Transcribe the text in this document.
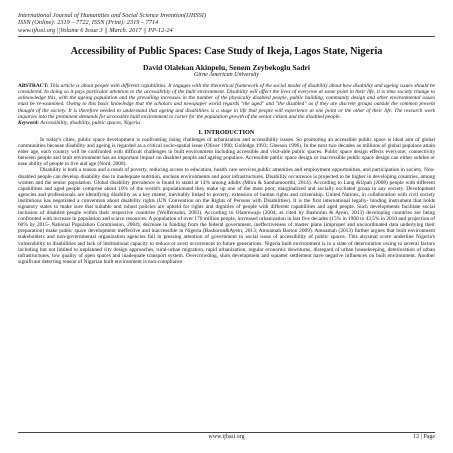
International Journal of Humanities and Social Science Invention(IJHSSI)
ISSN (Online): 2319 – 7722, ISSN (Print): 2319 – 7714
www.ijhssi.org ||Volume 6 Issue 3 || March. 2017 || PP-12-24
Accessibility of Public Spaces: Case Study of Ikeja, Lagos State, Nigeria
David Olalekan Akinpelu, Senem Zeybekoglu Sadri
Girne American University
ABSTRACT: This article is about people with different capabilities. It engages with the theoretical framework of the social model of disability about how disability and ageing issues should be considered. In doing so it pays particular attention to the accessibility of the built environment. Disability will affect the lives of everyone at some point in their life, it is time society change to acknowledge this, with the ageing population and the prevailing increases in the number of the physically disabled people, public building, community design and other environmental issues must be re-examined. Owing to this basic knowledge that the scholars and newspaper world regards "the aged" and "the disabled" as if they are discrete groups outside the common present thought of the society. It is therefore needed to understand that ageing and disabilities is a stage in life that people will experience at one point or the other of their life. The research work inquiries into the prominent demands for accessible built environment to carter for the population growth of the senior citizen and the disabled people.
Keyword: Accessibility, disability, public spaces, Nigeria
I. INTRODUCTION

In today's cities, public space development is confronting rising challenges of urbanization and accessibility issues. So promoting an accessible public space is ideal aim of global communities because disability and ageing is regarded as a critical socio-spatial issue (Oliver 1990; Golledge 1993; Gleeson 1996). In the next two decades as millions of global populace attain elder age, each country will be confronted with difficult challenges in built environment including accessible and visit-able public spaces. Public space design effects everyone; connectivity between people and built environment has an important impact on disabled people and ageing populace. Accessible public space design or inaccessible public space design can either subdue or ease ability of people to live and age (Nord, 2008).

Disability is both a reason and a result of poverty, reducing access to education, health care services,public amenities and employment opportunities, and participation in society. Non-disabled people can develop disability due to inadequate nutrition, unclean environments and poor infrastructures. Disability occurrence is projected to be higher in developing countries, among women and the senior population. Global disability prevalence is found to stand at 14% among adults (Mitra & Sambamoorthi, 2014). According to Lang &Upah (2008) people with different capabilities and aged people comprise about 10% of the world's populationand they make up one of the most poor, marginalized and socially excluded group in any society. Development agencies and professionals are identifying disability as a key matter, inevitably linked to poverty, extension of human rights and citizenship. United Nations, in collaboration with civil society institutions has negotiated a convention about disability rights (UN Convention on the Rights of Persons with Disabilities). It is the first international legally- binding instrument that holds signatory states to make sure that suitable and robust policies are upheld for rights and dignities of people with different capabilities and aged people. Such developments facilitate social inclusion of disabled people within their respective countries (Wolfensohn, 2003). According to Olanrewaju (2004, as cited by Bashorun & Ayeni, 2013) developing countries are being confronted with increase in population and scarce resources. A population of over 170 million people, increased urbanization in last five decades (15% in 1960 to 43.5% in 2010 and projection of 60% by 2015- National Population Commission, 2004), decrease in funding from the federal government, ineffectiveness of master plans (improper and uncoordinated data underlying their preparation) make public space development ineffective and inaccessible in Nigeria (Bashorun&Ayeni, 2013; Amoamah Barton 2009). Amoamah (2013) further argues that built environment stakeholders and non-governmental organization agencies fail in pressing attention of government to social issue of accessibility of public spaces. This abysmal score underline Nigeria's vulnerability to disabilities and lack of institutional capacity to reduce or avert occurrences to future generations. Nigeria built environment is in a state of deterioration owing to several factors including but not limited to unplanned city design approaches, rural-urban migration, rapid urbanization, regular economic downturns, disregard of urban housekeeping, deterioration of urban infrastructures, low quality of open spaces and inadequate transport system. Overcrowding, slum development and squatter settlement have negative influences on built environment. Another significant deterring reason of Nigerian built environment is non-compliance

www.ijhssi.org	12 | Page
